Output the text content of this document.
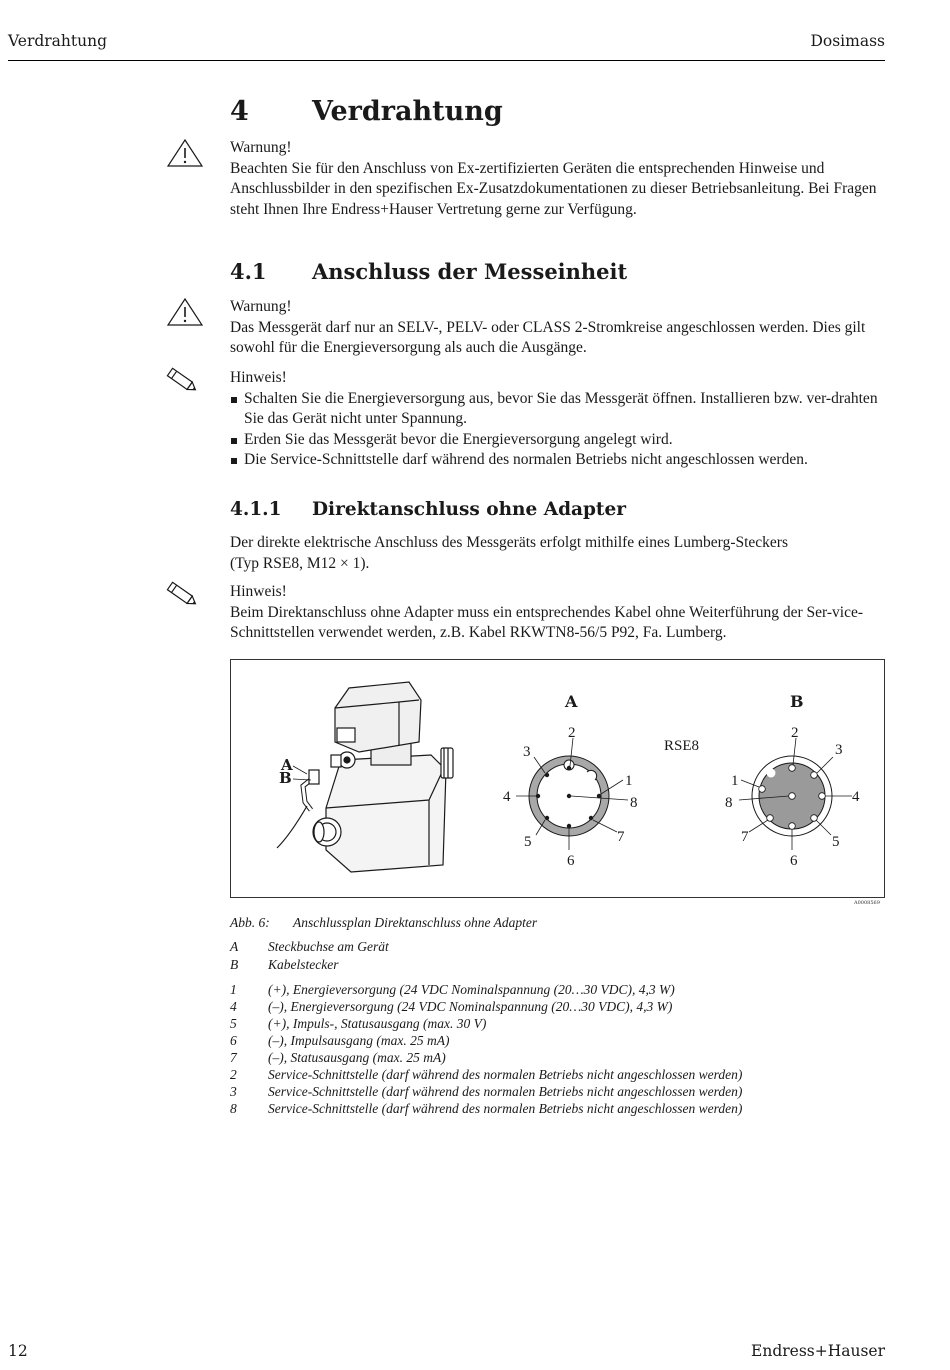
Verdrahtung	Dosimass
4 Verdrahtung

Warnung!

Beachten Sie für den Anschluss von Ex-zertifizierten Geräten die entsprechenden Hinweise und Anschlussbilder in den spezifischen Ex-Zusatzdokumentationen zu dieser Betriebsanleitung. Bei Fragen steht Ihnen Ihre Endress+Hauser Vertretung gerne zur Verfügung.

4.1 Anschluss der Messeinheit

Warnung!

Das Messgerät darf nur an SELV-, PELV- oder CLASS 2-Stromkreise angeschlossen werden. Dies gilt sowohl für die Energieversorgung als auch die Ausgänge.

Hinweis!

Schalten Sie die Energieversorgung aus, bevor Sie das Messgerät öffnen. Installieren bzw. ver-drahten Sie das Gerät nicht unter Spannung.
Erden Sie das Messgerät bevor die Energieversorgung angelegt wird.
Die Service-Schnittstelle darf während des normalen Betriebs nicht angeschlossen werden.
4.1.1 Direktanschluss ohne Adapter

Der direkte elektrische Anschluss des Messgeräts erfolgt mithilfe eines Lumberg-Steckers

(Typ RSE8, M12 × 1).

Hinweis!

Beim Direktanschluss ohne Adapter muss ein entsprechendes Kabel ohne Weiterführung der Ser-vice-Schnittstellen verwendet werden, z.B. Kabel RKWTN8-56/5 P92, Fa. Lumberg.

B
A
2
3
4
5
6
7
1
8
A
RSE8
2
3
4
5
6
7
1
8
B
A0008569
Abb. 6: Anschlussplan Direktanschluss ohne Adapter
A Steckbuchse am Gerät
B Kabelstecker
1 (+), Energieversorgung (24 VDC Nominalspannung (20…30 VDC), 4,3 W)
4 (–), Energieversorgung (24 VDC Nominalspannung (20…30 VDC), 4,3 W)
5 (+), Impuls-, Statusausgang (max. 30 V)
6 (–), Impulsausgang (max. 25 mA)
7 (–), Statusausgang (max. 25 mA)
2 Service-Schnittstelle (darf während des normalen Betriebs nicht angeschlossen werden)
3 Service-Schnittstelle (darf während des normalen Betriebs nicht angeschlossen werden)
8 Service-Schnittstelle (darf während des normalen Betriebs nicht angeschlossen werden)
12	Endress+Hauser
